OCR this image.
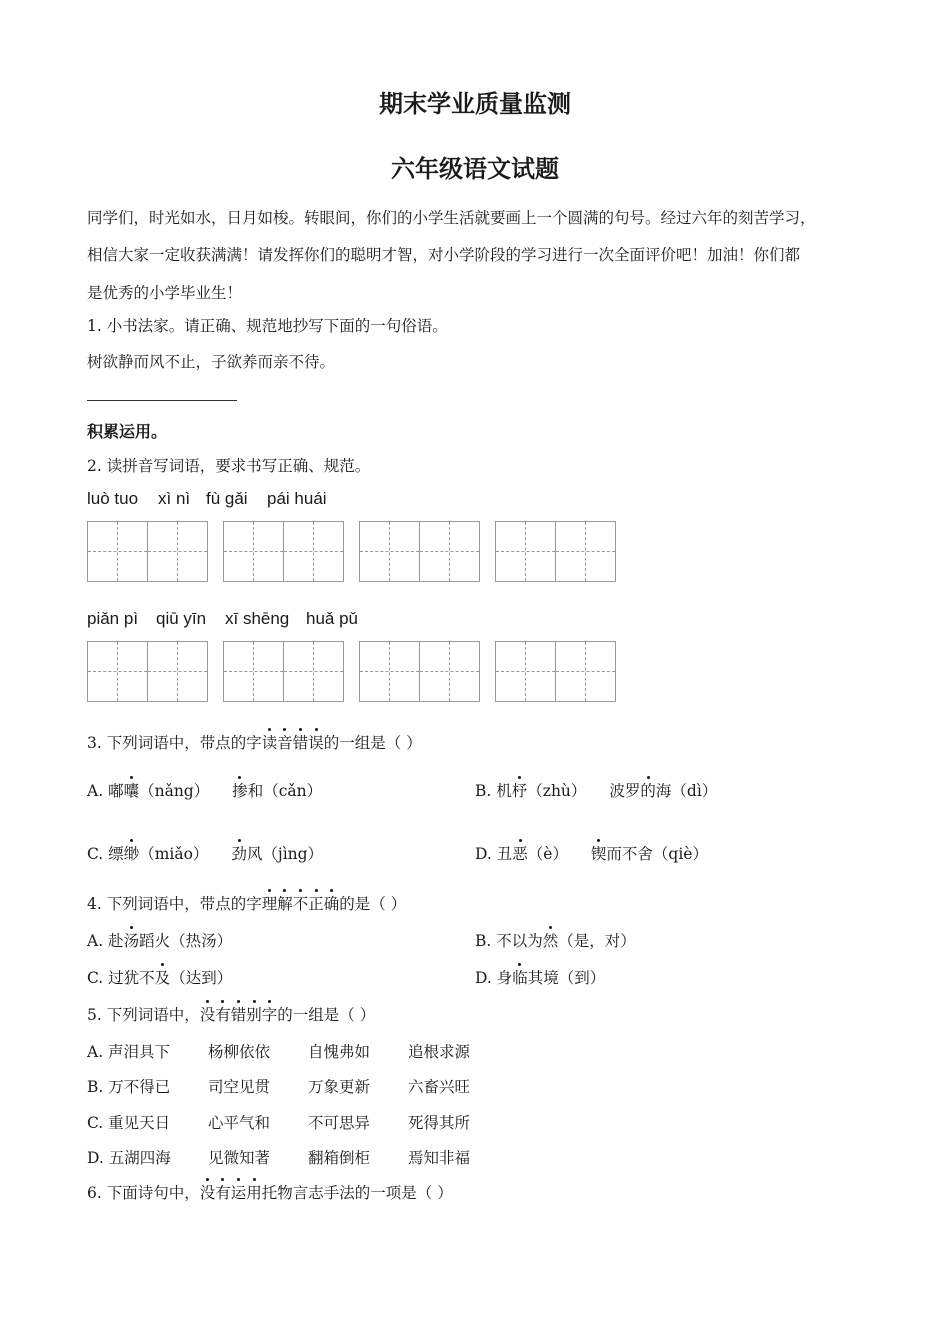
期末学业质量监测
六年级语文试题
同学们，时光如水，日月如梭。转眼间，你们的小学生活就要画上一个圆满的句号。经过六年的刻苦学习，
相信大家一定收获满满！请发挥你们的聪明才智，对小学阶段的学习进行一次全面评价吧！加油！你们都
是优秀的小学毕业生！
1. 小书法家。请正确、规范地抄写下面的一句俗语。
树欲静而风不止，子欲养而亲不待。
积累运用。
2. 读拼音写词语，要求书写正确、规范。
luò tuo xì nì fù gǎi pái huái
piǎn pì qiū yīn xī shēng huǎ pǔ
3. 下列词语中，带点的字读音错误的一组是（ ）
A. 嘟囔（nǎng） 掺和（cǎn）	B. 机杼（zhù） 波罗的海（dì）
C. 缥缈（miǎo） 劲风（jìng）	D. 丑恶（è） 锲而不舍（qiè）
4. 下列词语中，带点的字理解不正确的是（ ）
A. 赴汤蹈火（热汤）	B. 不以为然（是，对）
C. 过犹不及（达到）	D. 身临其境（到）
5. 下列词语中，没有错别字的一组是（ ）
A. 声泪具下 杨柳依依 自愧弗如 追根求源
B. 万不得已 司空见贯 万象更新 六畜兴旺
C. 重见天日 心平气和 不可思异 死得其所
D. 五湖四海 见微知著 翻箱倒柜 焉知非福
6. 下面诗句中，没有运用托物言志手法的一项是（ ）
